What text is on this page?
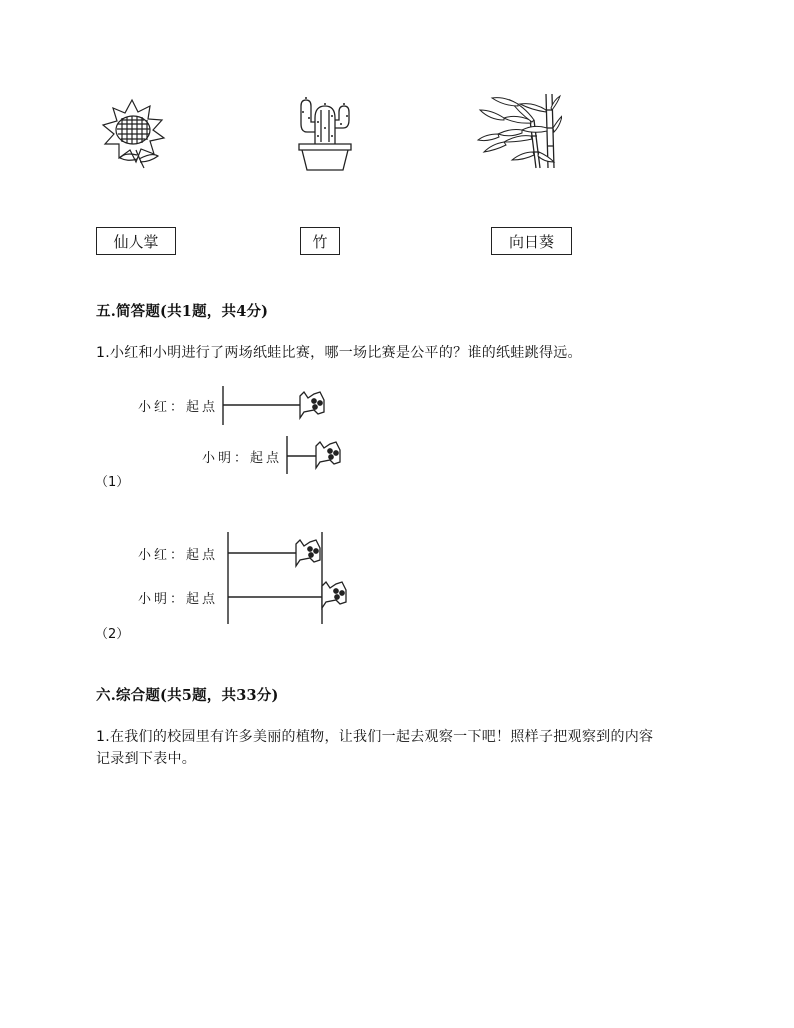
仙人掌	竹	向日葵
五.简答题(共1题，共4分)
1.小红和小明进行了两场纸蛙比赛，哪一场比赛是公平的？谁的纸蛙跳得远。
小红：起点
小明：起点
（1）
小红：起点
小明：起点
（2）
六.综合题(共5题，共33分)
1.在我们的校园里有许多美丽的植物，让我们一起去观察一下吧！照样子把观察到的内容
记录到下表中。
